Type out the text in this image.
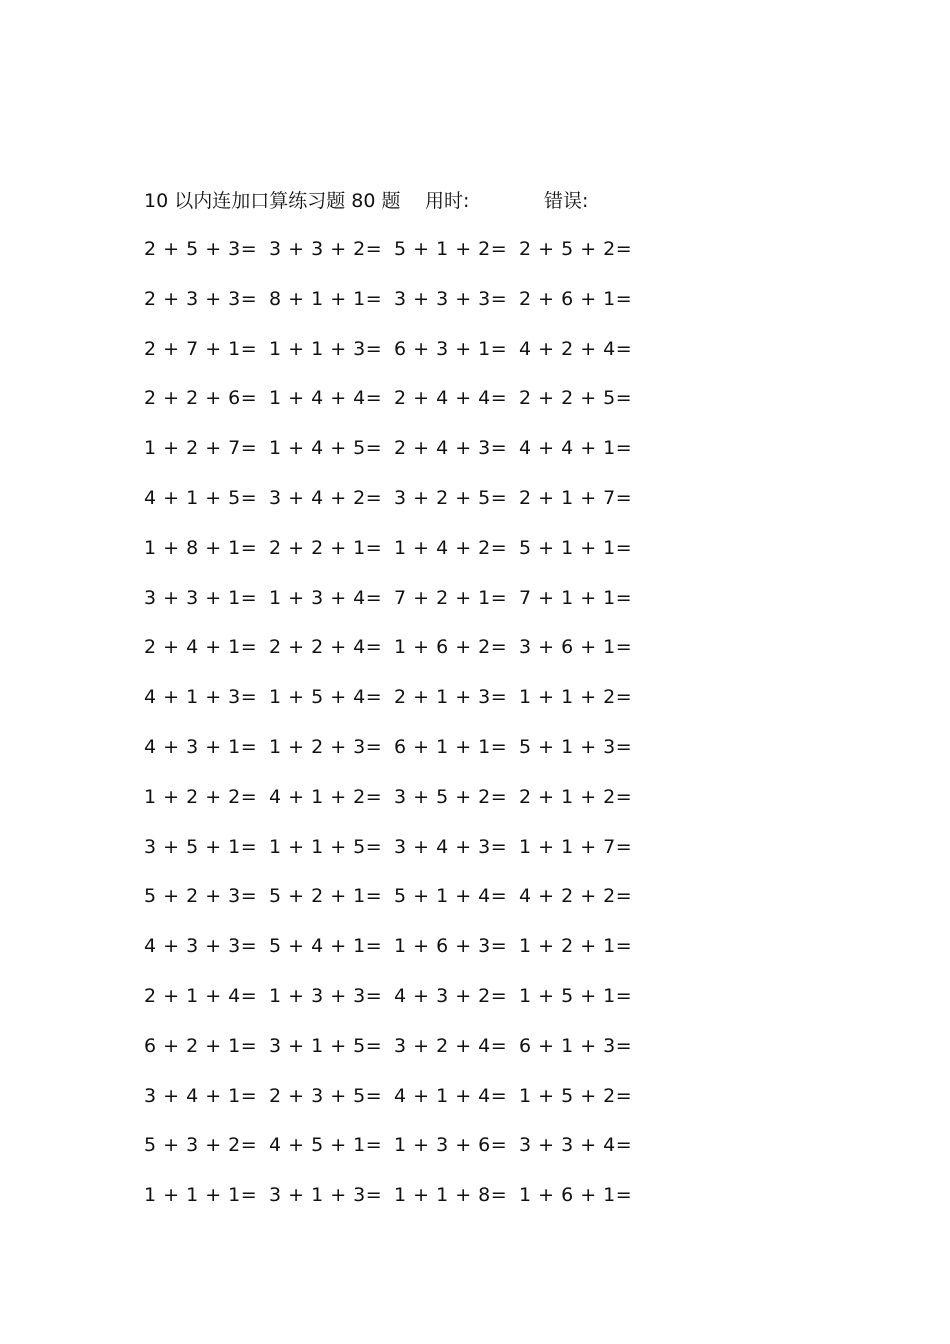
10 以内连加口算练习题 80 题 用时:	错误:
2 + 5 + 3= 3 + 3 + 2= 5 + 1 + 2= 2 + 5 + 2=
2 + 3 + 3= 8 + 1 + 1= 3 + 3 + 3= 2 + 6 + 1=
2 + 7 + 1= 1 + 1 + 3= 6 + 3 + 1= 4 + 2 + 4=
2 + 2 + 6= 1 + 4 + 4= 2 + 4 + 4= 2 + 2 + 5=
1 + 2 + 7= 1 + 4 + 5= 2 + 4 + 3= 4 + 4 + 1=
4 + 1 + 5= 3 + 4 + 2= 3 + 2 + 5= 2 + 1 + 7=
1 + 8 + 1= 2 + 2 + 1= 1 + 4 + 2= 5 + 1 + 1=
3 + 3 + 1= 1 + 3 + 4= 7 + 2 + 1= 7 + 1 + 1=
2 + 4 + 1= 2 + 2 + 4= 1 + 6 + 2= 3 + 6 + 1=
4 + 1 + 3= 1 + 5 + 4= 2 + 1 + 3= 1 + 1 + 2=
4 + 3 + 1= 1 + 2 + 3= 6 + 1 + 1= 5 + 1 + 3=
1 + 2 + 2= 4 + 1 + 2= 3 + 5 + 2= 2 + 1 + 2=
3 + 5 + 1= 1 + 1 + 5= 3 + 4 + 3= 1 + 1 + 7=
5 + 2 + 3= 5 + 2 + 1= 5 + 1 + 4= 4 + 2 + 2=
4 + 3 + 3= 5 + 4 + 1= 1 + 6 + 3= 1 + 2 + 1=
2 + 1 + 4= 1 + 3 + 3= 4 + 3 + 2= 1 + 5 + 1=
6 + 2 + 1= 3 + 1 + 5= 3 + 2 + 4= 6 + 1 + 3=
3 + 4 + 1= 2 + 3 + 5= 4 + 1 + 4= 1 + 5 + 2=
5 + 3 + 2= 4 + 5 + 1= 1 + 3 + 6= 3 + 3 + 4=
1 + 1 + 1= 3 + 1 + 3= 1 + 1 + 8= 1 + 6 + 1=
